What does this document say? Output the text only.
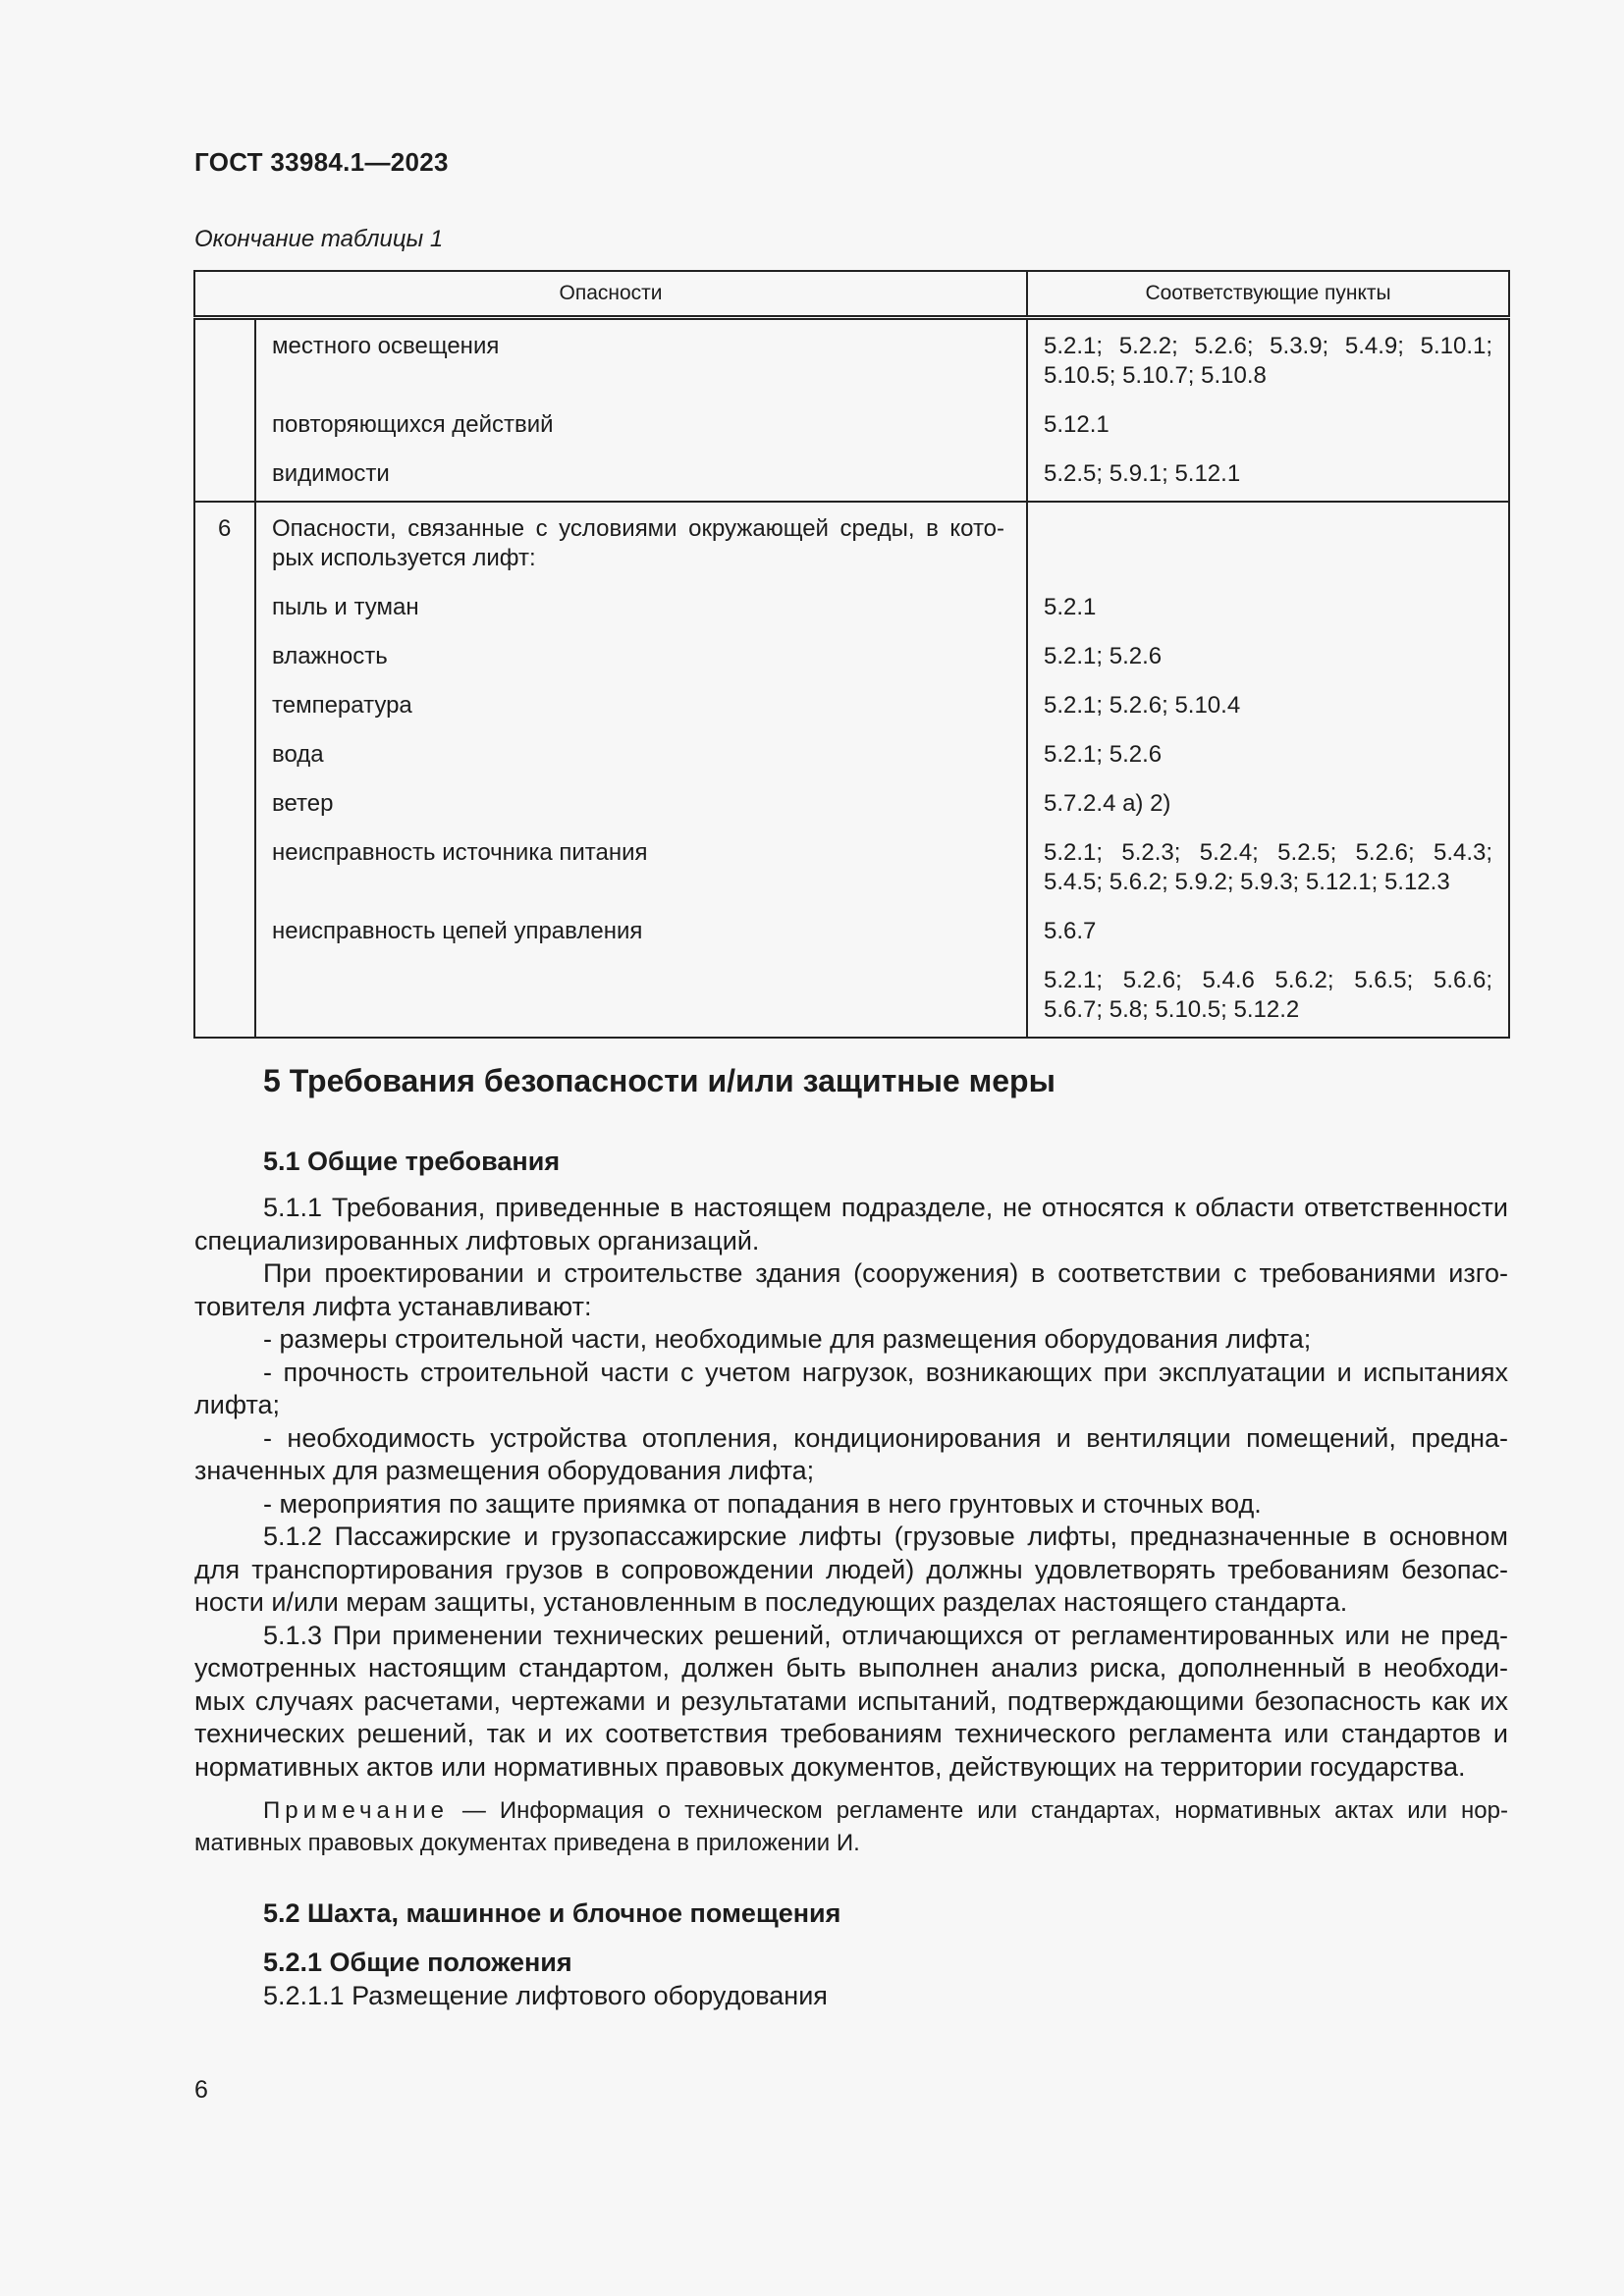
ГОСТ 33984.1—2023
Окончание таблицы 1
Опасности		Соответствующие пункты
	местного освещения	5.2.1; 5.2.2; 5.2.6; 5.3.9; 5.4.9; 5.10.1;
5.10.5; 5.10.7; 5.10.8

	повторяющихся действий	5.12.1
	видимости	5.2.5; 5.9.1; 5.12.1
6	Опасности, связанные с условиями окружающей среды, в кото-
рых используется лифт:	

	пыль и туман	5.2.1
	влажность	5.2.1; 5.2.6
	температура	5.2.1; 5.2.6; 5.10.4
	вода	5.2.1; 5.2.6
	ветер	5.7.2.4 а) 2)
	неисправность источника питания	5.2.1; 5.2.3; 5.2.4; 5.2.5; 5.2.6; 5.4.3;
5.4.5; 5.6.2; 5.9.2; 5.9.3; 5.12.1; 5.12.3

	неисправность цепей управления	5.6.7

		5.2.1; 5.2.6; 5.4.6 5.6.2; 5.6.5; 5.6.6;
5.6.7; 5.8; 5.10.5; 5.12.2
5 Требования безопасности и/или защитные меры
5.1 Общие требования

5.1.1 Требования, приведенные в настоящем подразделе, не относятся к области ответственности
специализированных лифтовых организаций.

При проектировании и строительстве здания (сооружения) в соответствии с требованиями изго-
товителя лифта устанавливают:

- размеры строительной части, необходимые для размещения оборудования лифта;

- прочность строительной части с учетом нагрузок, возникающих при эксплуатации и испытаниях
лифта;

- необходимость устройства отопления, кондиционирования и вентиляции помещений, предна-
значенных для размещения оборудования лифта;

- мероприятия по защите приямка от попадания в него грунтовых и сточных вод.

5.1.2 Пассажирские и грузопассажирские лифты (грузовые лифты, предназначенные в основном
для транспортирования грузов в сопровождении людей) должны удовлетворять требованиям безопас-
ности и/или мерам защиты, установленным в последующих разделах настоящего стандарта.

5.1.3 При применении технических решений, отличающихся от регламентированных или не пред-
усмотренных настоящим стандартом, должен быть выполнен анализ риска, дополненный в необходи-
мых случаях расчетами, чертежами и результатами испытаний, подтверждающими безопасность как их
технических решений, так и их соответствия требованиям технического регламента или стандартов и
нормативных актов или нормативных правовых документов, действующих на территории государства.

Примечание — Информация о техническом регламенте или стандартах, нормативных актах или нор-
мативных правовых документах приведена в приложении И.
5.2 Шахта, машинное и блочное помещения
5.2.1 Общие положения
5.2.1.1 Размещение лифтового оборудования
6
